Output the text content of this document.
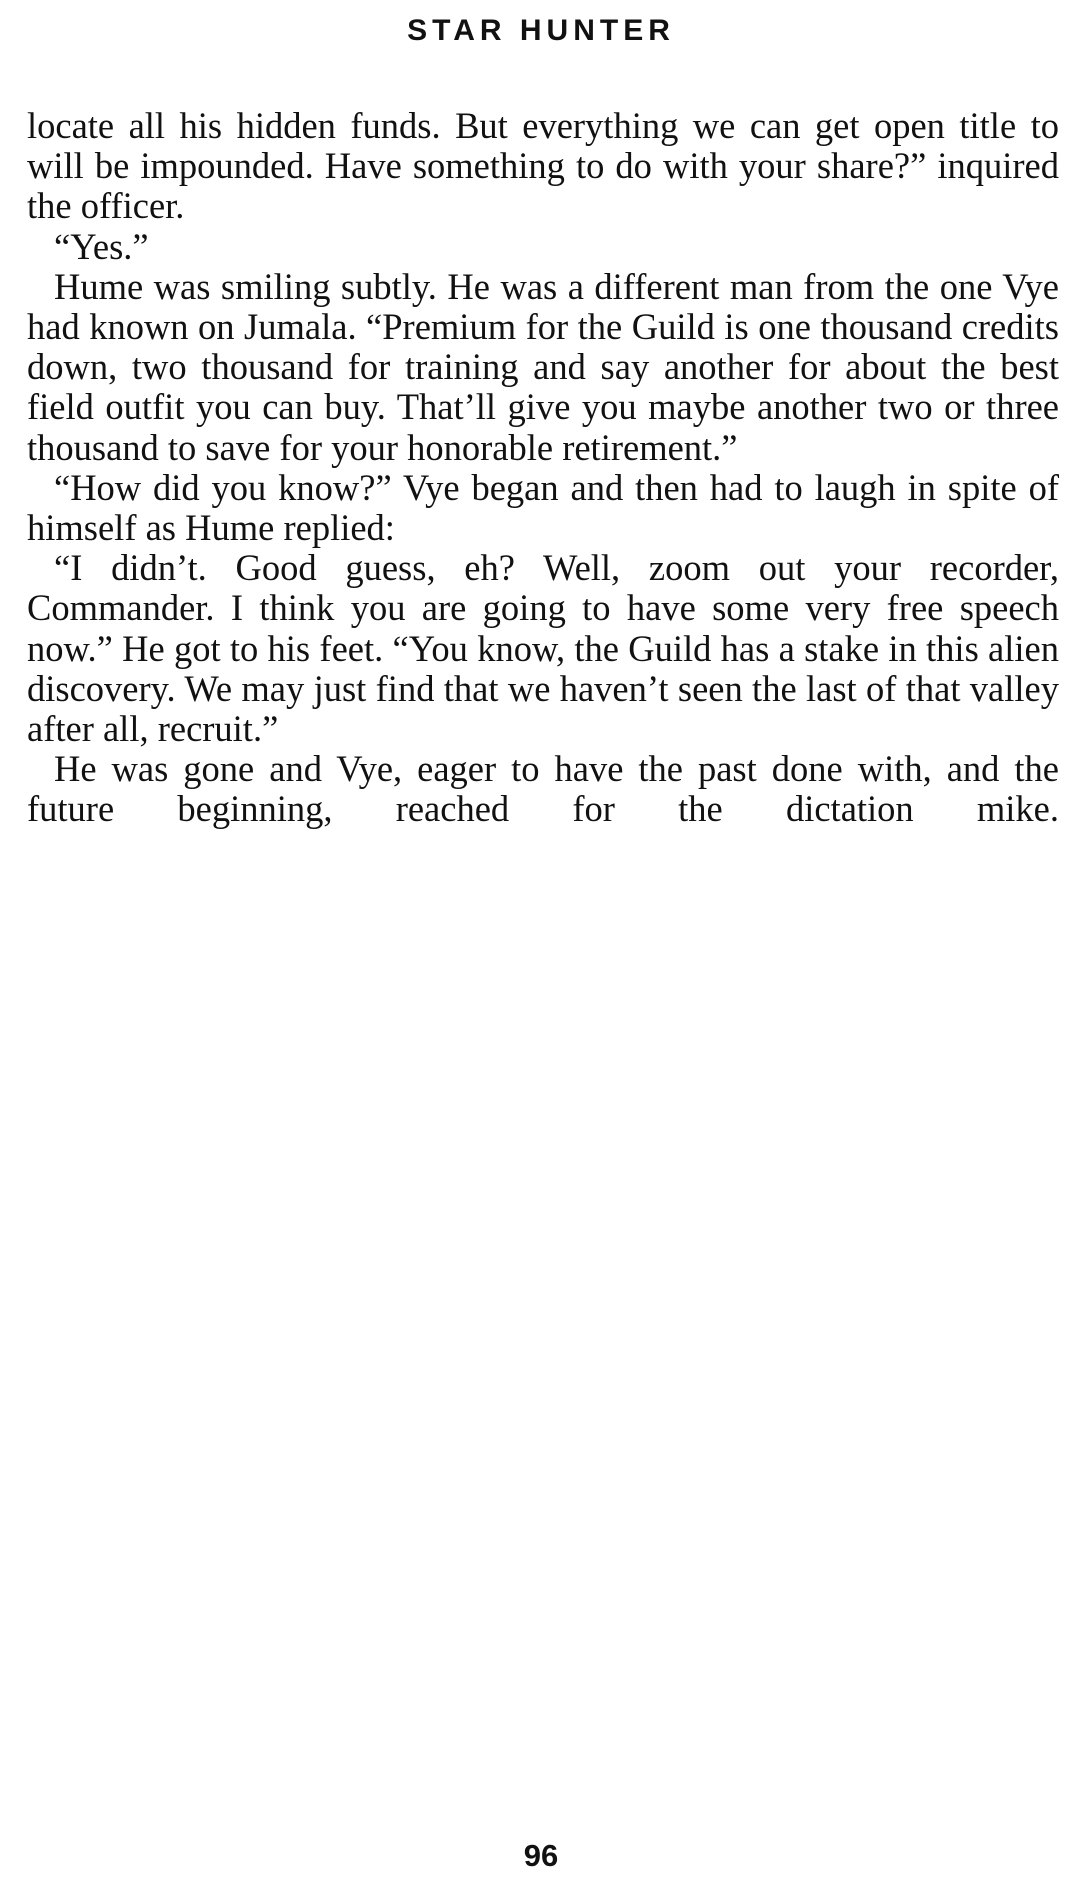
STAR HUNTER

locate all his hidden funds. But everything we can get open title to will be impounded. Have something to do with your share?” inquired the officer.

“Yes.”

Hume was smiling subtly. He was a different man from the one Vye had known on Jumala. “Premium for the Guild is one thousand credits down, two thousand for training and say another for about the best field outfit you can buy. That’ll give you maybe another two or three thousand to save for your honorable retirement.”

“How did you know?” Vye began and then had to laugh in spite of himself as Hume replied:

“I didn’t. Good guess, eh? Well, zoom out your recorder, Commander. I think you are going to have some very free speech now.” He got to his feet. “You know, the Guild has a stake in this alien discovery. We may just find that we haven’t seen the last of that valley after all, recruit.”

He was gone and Vye, eager to have the past done with, and the future beginning, reached for the dictation mike.

96
